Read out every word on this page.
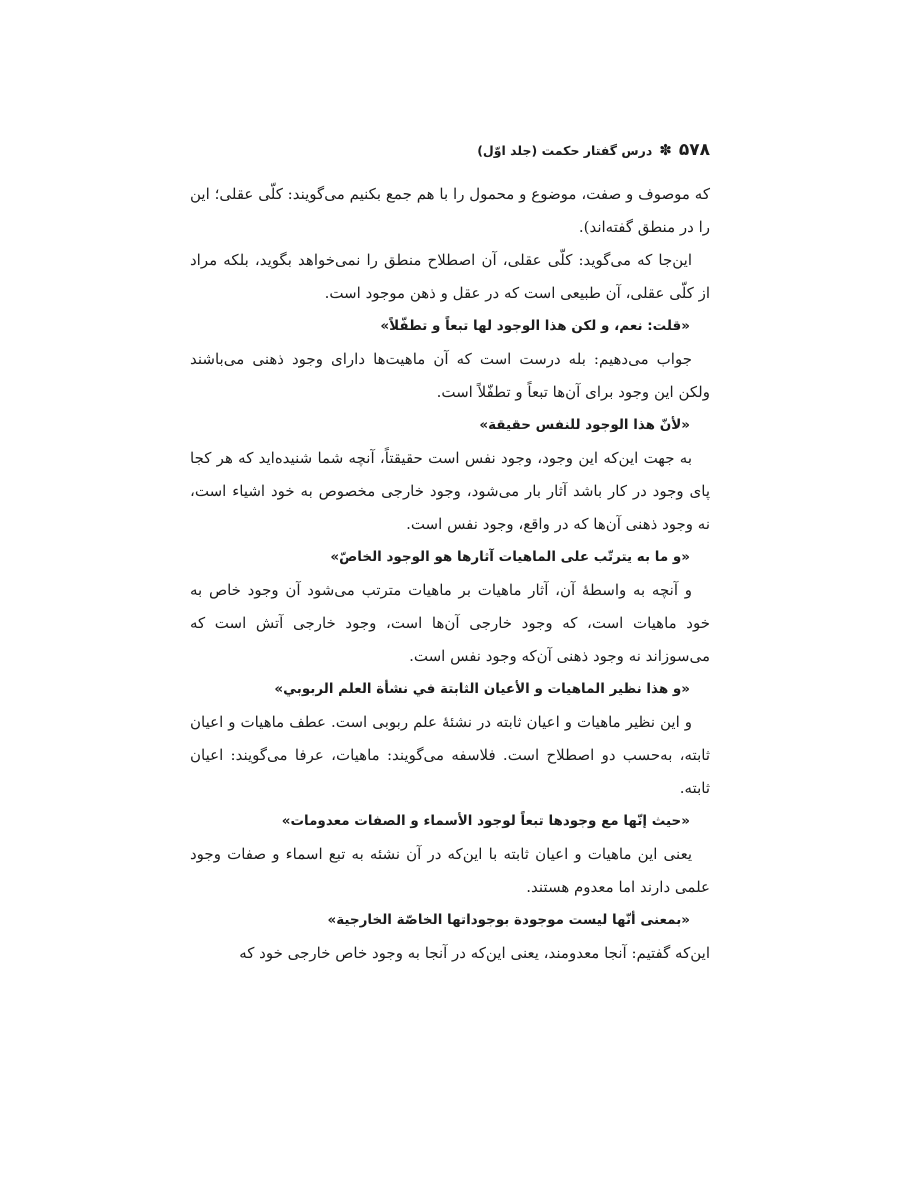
۵۷۸
✽
درس گفتار حکمت (جلد اوّل)

که موصوف و صفت، موضوع و محمول را با هم جمع بکنیم می‌گویند: کلّی عقلی؛ این را در منطق گفته‌اند).

این‌جا که می‌گوید: کلّی عقلی، آن اصطلاح منطق را نمی‌خواهد بگوید، بلکه مراد از کلّی عقلی، آن طبیعی است که در عقل و ذهن موجود است.

«قلت: نعم، و لكن هذا الوجود لها تبعاً و تطفّلاً»

جواب می‌دهیم: بله درست است که آن ماهیت‌ها دارای وجود ذهنی می‌باشند ولکن این وجود برای آن‌ها تبعاً و تطفّلاً است.

«لأنّ هذا الوجود للنفس حقيقة»

به جهت این‌که این وجود، وجود نفس است حقیقتاً، آنچه شما شنیده‌اید که هر کجا پای وجود در کار باشد آثار بار می‌شود، وجود خارجی مخصوص به خود اشیاء است، نه وجود ذهنی آن‌ها که در واقع، وجود نفس است.

«و ما به يترتّب على الماهيات آثارها هو الوجود الخاصّ»

و آنچه به واسطهٔ آن، آثار ماهیات بر ماهیات مترتب می‌شود آن وجود خاص به خود ماهیات است، که وجود خارجی آن‌ها است، وجود خارجی آتش است که می‌سوزاند نه وجود ذهنی آن‌که وجود نفس است.

«و هذا نظير الماهيات و الأعيان الثابتة في نشأة العلم الربوبي»

و این نظیر ماهیات و اعیان ثابته در نشئهٔ علم ربوبی است. عطف ماهیات و اعیان ثابته، به‌حسب دو اصطلاح است. فلاسفه می‌گویند: ماهیات، عرفا می‌گویند: اعیان ثابته.

«حيث إنّها مع وجودها تبعاً لوجود الأسماء و الصفات معدومات»

یعنی این ماهیات و اعیان ثابته با این‌که در آن نشئه به تبع اسماء و صفات وجود علمی دارند اما معدوم هستند.

«بمعنى أنّها ليست موجودة بوجوداتها الخاصّة الخارجية»

این‌که گفتیم: آنجا معدومند، یعنی این‌که در آنجا به وجود خاص خارجی خود که
